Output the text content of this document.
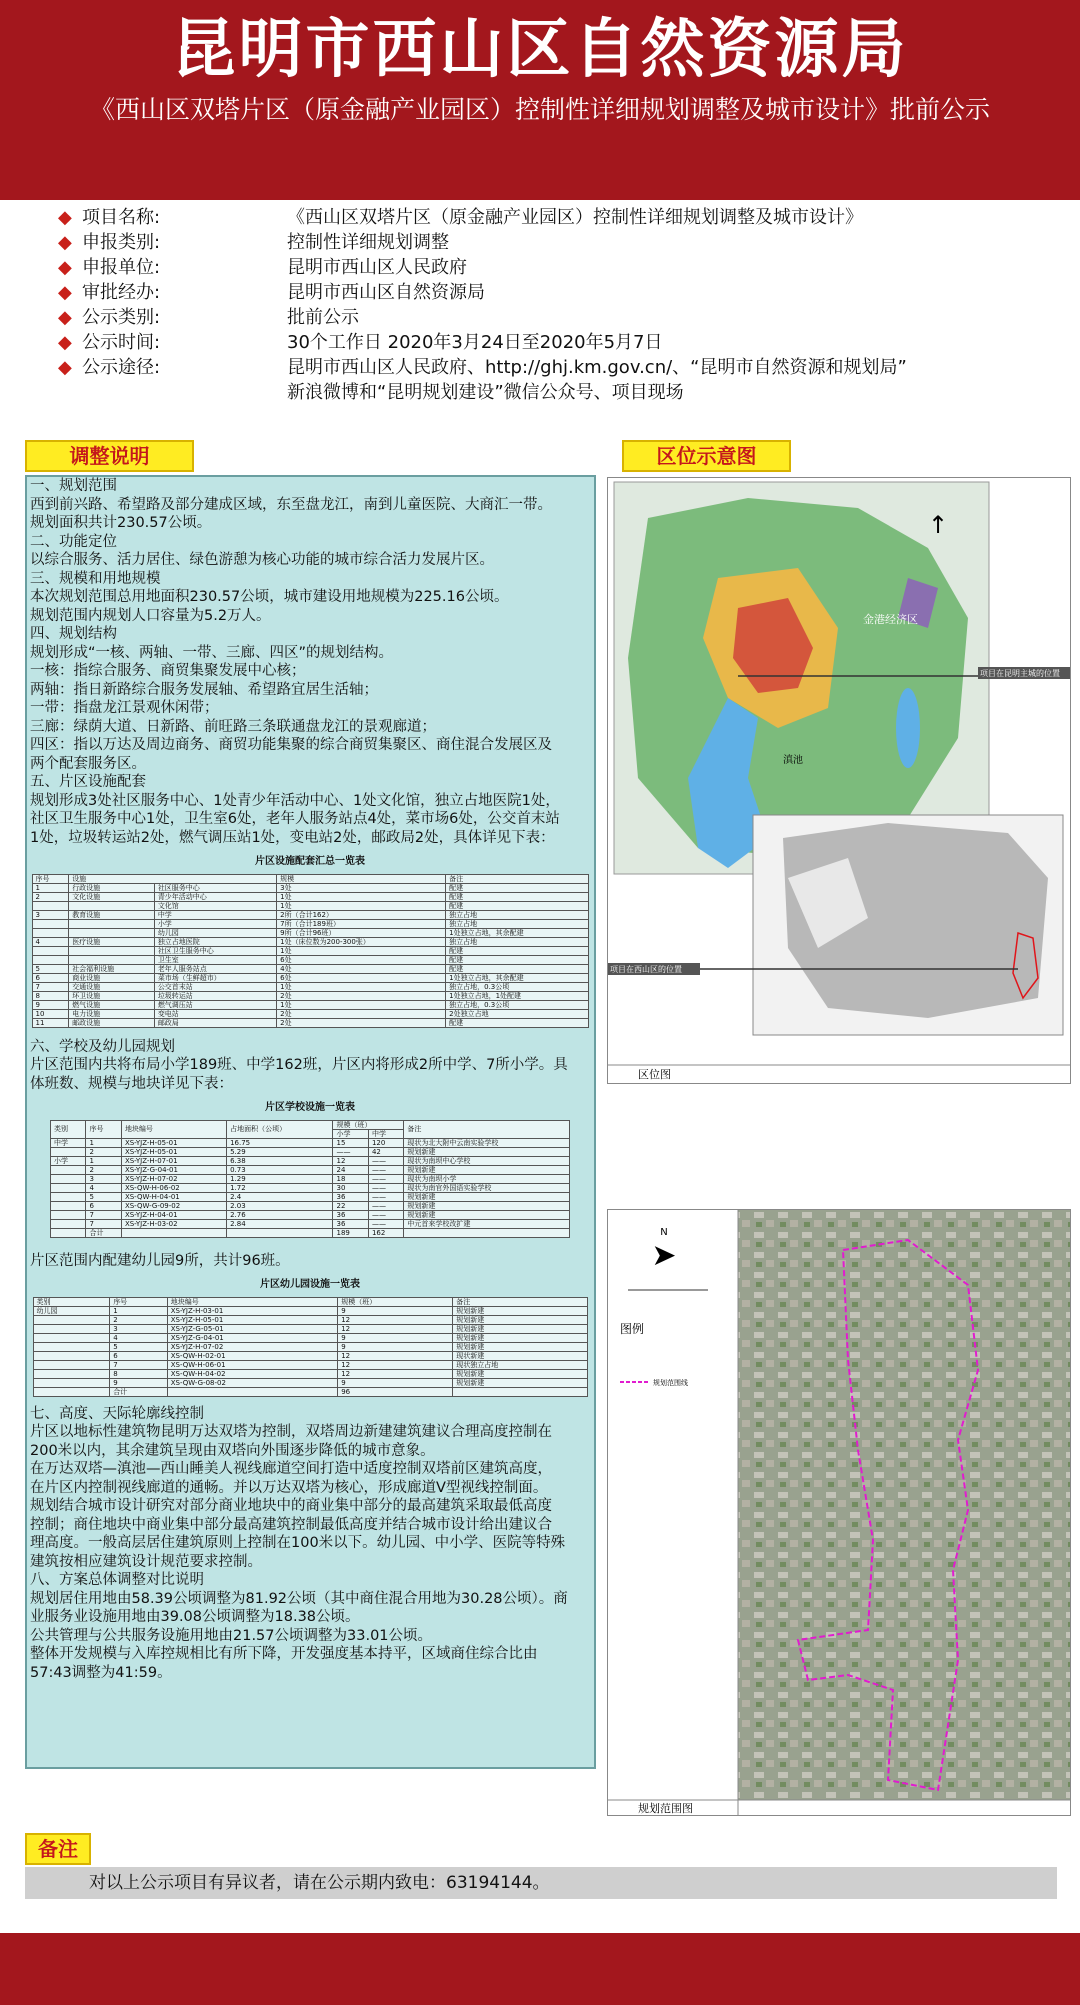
昆明市西山区自然资源局
《西山区双塔片区（原金融产业园区）控制性详细规划调整及城市设计》批前公示
◆ 项目名称:	《西山区双塔片区（原金融产业园区）控制性详细规划调整及城市设计》
◆ 申报类别:	控制性详细规划调整
◆ 申报单位:	昆明市西山区人民政府
◆ 审批经办:	昆明市西山区自然资源局
◆ 公示类别:	批前公示
◆ 公示时间:	30个工作日 2020年3月24日至2020年5月7日
◆ 公示途径:	昆明市西山区人民政府、http://ghj.km.gov.cn/、“昆明市自然资源和规划局”
新浪微博和“昆明规划建设”微信公众号、项目现场
调整说明	区位示意图
备注

一、规划范围

西到前兴路、希望路及部分建成区域，东至盘龙江，南到儿童医院、大商汇一带。

规划面积共计230.57公顷。

二、功能定位

以综合服务、活力居住、绿色游憩为核心功能的城市综合活力发展片区。

三、规模和用地规模

本次规划范围总用地面积230.57公顷，城市建设用地规模为225.16公顷。

规划范围内规划人口容量为5.2万人。

四、规划结构

规划形成“一核、两轴、一带、三廊、四区”的规划结构。

一核：指综合服务、商贸集聚发展中心核；

两轴：指日新路综合服务发展轴、希望路宜居生活轴；

一带：指盘龙江景观休闲带；

三廊：绿荫大道、日新路、前旺路三条联通盘龙江的景观廊道；

四区：指以万达及周边商务、商贸功能集聚的综合商贸集聚区、商住混合发展区及

两个配套服务区。

五、片区设施配套

规划形成3处社区服务中心、1处青少年活动中心、1处文化馆，独立占地医院1处，

社区卫生服务中心1处，卫生室6处，老年人服务站点4处，菜市场6处，公交首末站

1处，垃圾转运站2处，燃气调压站1处，变电站2处，邮政局2处，具体详见下表：

片区设施配套汇总一览表
序号	设施		规模	备注
1	行政设施	社区服务中心	3处	配建
2	文化设施	青少年活动中心	1处	配建
		文化馆	1处	配建
3	教育设施	中学	2所（合计162）	独立占地
		小学	7所（合计189班）	独立占地
		幼儿园	9所（合计96班）	1处独立占地，其余配建
4	医疗设施	独立占地医院	1处（床位数为200-300张）	独立占地
		社区卫生服务中心	1处	配建
		卫生室	6处	配建
5	社会福利设施	老年人服务站点	4处	配建
6	商业设施	菜市场（生鲜超市）	6处	1处独立占地，其余配建
7	交通设施	公交首末站	1处	独立占地，0.3公顷
8	环卫设施	垃圾转运站	2处	1处独立占地，1处配建
9	燃气设施	燃气调压站	1处	独立占地，0.3公顷
10	电力设施	变电站	2处	2处独立占地
11	邮政设施	邮政局	2处	配建

六、学校及幼儿园规划

片区范围内共将布局小学189班、中学162班，片区内将形成2所中学、7所小学。具

体班数、规模与地块详见下表：

片区学校设施一览表
类别	序号	地块编号	占地面积（公顷）	规模（班）		备注
				小学	中学	
中学	1	XS-YJZ-H-05-01	16.75	15	120	现状为北大附中云南实验学校
	2	XS-YJZ-H-05-01	5.29	——	42	规划新建
小学	1	XS-YJZ-H-07-01	6.38	12	——	现状为南坝中心学校
	2	XS-YJZ-G-04-01	0.73	24	——	规划新建
	3	XS-YJZ-H-07-02	1.29	18	——	现状为南坝小学
	4	XS-QW-H-06-02	1.72	30	——	现状为南官外国语实验学校
	5	XS-QW-H-04-01	2.4	36	——	规划新建
	6	XS-QW-G-09-02	2.03	22	——	规划新建
	7	XS-YJZ-H-04-01	2.76	36	——	规划新建
	7	XS-YJZ-H-03-02	2.84	36	——	中元首来学校改扩建
	合计			189	162	

片区范围内配建幼儿园9所，共计96班。

片区幼儿园设施一览表
类别	序号	地块编号	规模（班）	备注
幼儿园	1	XS-YJZ-H-03-01	9	规划新建
	2	XS-YJZ-H-05-01	12	规划新建
	3	XS-YJZ-G-05-01	12	规划新建
	4	XS-YJZ-G-04-01	9	规划新建
	5	XS-YJZ-H-07-02	9	规划新建
	6	XS-QW-H-02-01	12	现状新建
	7	XS-QW-H-06-01	12	现状独立占地
	8	XS-QW-H-04-02	12	规划新建
	9	XS-QW-G-08-02	9	规划新建
	合计		96	

七、高度、天际轮廓线控制

片区以地标性建筑物昆明万达双塔为控制，双塔周边新建建筑建议合理高度控制在

200米以内，其余建筑呈现由双塔向外围逐步降低的城市意象。

在万达双塔—滇池—西山睡美人视线廊道空间打造中适度控制双塔前区建筑高度，

在片区内控制视线廊道的通畅。并以万达双塔为核心，形成廊道V型视线控制面。

规划结合城市设计研究对部分商业地块中的商业集中部分的最高建筑采取最低高度

控制；商住地块中商业集中部分最高建筑控制最低高度并结合城市设计给出建议合

理高度。一般高层居住建筑原则上控制在100米以下。幼儿园、中小学、医院等特殊

建筑按相应建筑设计规范要求控制。

八、方案总体调整对比说明

规划居住用地由58.39公顷调整为81.92公顷（其中商住混合用地为30.28公顷）。商

业服务业设施用地由39.08公顷调整为18.38公顷。

公共管理与公共服务设施用地由21.57公顷调整为33.01公顷。

整体开发规模与入库控规相比有所下降，开发强度基本持平，区域商住综合比由

57:43调整为41:59。

↑
金港经济区
滇池
项目在昆明主城的位置
项目在西山区的位置
区位图
N
➤
图例
规划范围线
规划范围图
对以上公示项目有异议者，请在公示期内致电：63194144。
